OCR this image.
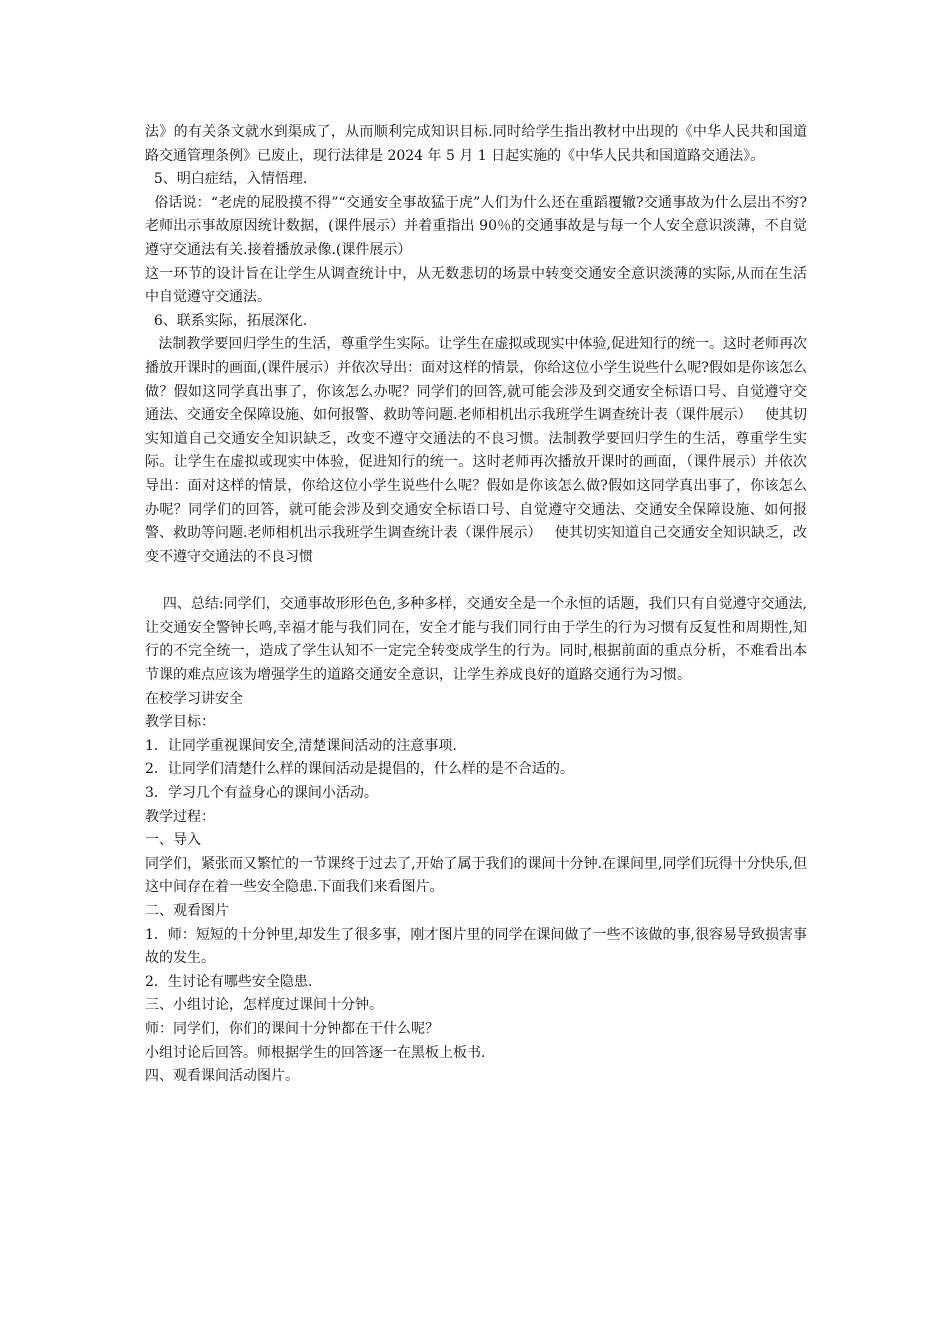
法》的有关条文就水到渠成了，从而顺利完成知识目标.同时给学生指出教材中出现的《中华人民共和国道路交通管理条例》已废止，现行法律是 2024 年 5 月 1 日起实施的《中华人民共和国道路交通法》。

5、明白症结，入情悟理.

俗话说：“老虎的屁股摸不得”“交通安全事故猛于虎”人们为什么还在重蹈覆辙?交通事故为什么层出不穷?老师出示事故原因统计数据，(课件展示）并着重指出 90％的交通事故是与每一个人安全意识淡薄，不自觉遵守交通法有关.接着播放录像.(课件展示）

这一环节的设计旨在让学生从调查统计中，从无数悲切的场景中转变交通安全意识淡薄的实际,从而在生活中自觉遵守交通法。

6、联系实际，拓展深化.

法制教学要回归学生的生活，尊重学生实际。让学生在虚拟或现实中体验,促进知行的统一。这时老师再次播放开课时的画面,(课件展示）并依次导出：面对这样的情景，你给这位小学生说些什么呢?假如是你该怎么做？假如这同学真出事了，你该怎么办呢？同学们的回答,就可能会涉及到交通安全标语口号、自觉遵守交通法、交通安全保障设施、如何报警、救助等问题.老师相机出示我班学生调查统计表（课件展示）   使其切实知道自己交通安全知识缺乏，改变不遵守交通法的不良习惯。法制教学要回归学生的生活，尊重学生实际。让学生在虚拟或现实中体验，促进知行的统一。这时老师再次播放开课时的画面，（课件展示）并依次导出：面对这样的情景，你给这位小学生说些什么呢？假如是你该怎么做?假如这同学真出事了，你该怎么办呢？同学们的回答，就可能会涉及到交通安全标语口号、自觉遵守交通法、交通安全保障设施、如何报警、救助等问题.老师相机出示我班学生调查统计表（课件展示）   使其切实知道自己交通安全知识缺乏，改变不遵守交通法的不良习惯

四、总结:同学们，交通事故形形色色,多种多样，交通安全是一个永恒的话题，我们只有自觉遵守交通法,让交通安全警钟长鸣,幸福才能与我们同在，安全才能与我们同行由于学生的行为习惯有反复性和周期性,知行的不完全统一，造成了学生认知不一定完全转变成学生的行为。同时,根据前面的重点分析，不难看出本节课的难点应该为增强学生的道路交通安全意识，让学生养成良好的道路交通行为习惯。

在校学习讲安全

教学目标：

1．让同学重视课间安全,清楚课间活动的注意事项.

2．让同学们清楚什么样的课间活动是提倡的，什么样的是不合适的。

3．学习几个有益身心的课间小活动。

教学过程：

一、导入

同学们，紧张而又繁忙的一节课终于过去了,开始了属于我们的课间十分钟.在课间里,同学们玩得十分快乐,但这中间存在着一些安全隐患.下面我们来看图片。

二、观看图片

1．师：短短的十分钟里,却发生了很多事，刚才图片里的同学在课间做了一些不该做的事,很容易导致损害事故的发生。

2．生讨论有哪些安全隐患.

三、小组讨论，怎样度过课间十分钟。

师：同学们，你们的课间十分钟都在干什么呢？

小组讨论后回答。师根据学生的回答逐一在黑板上板书.

四、观看课间活动图片。
